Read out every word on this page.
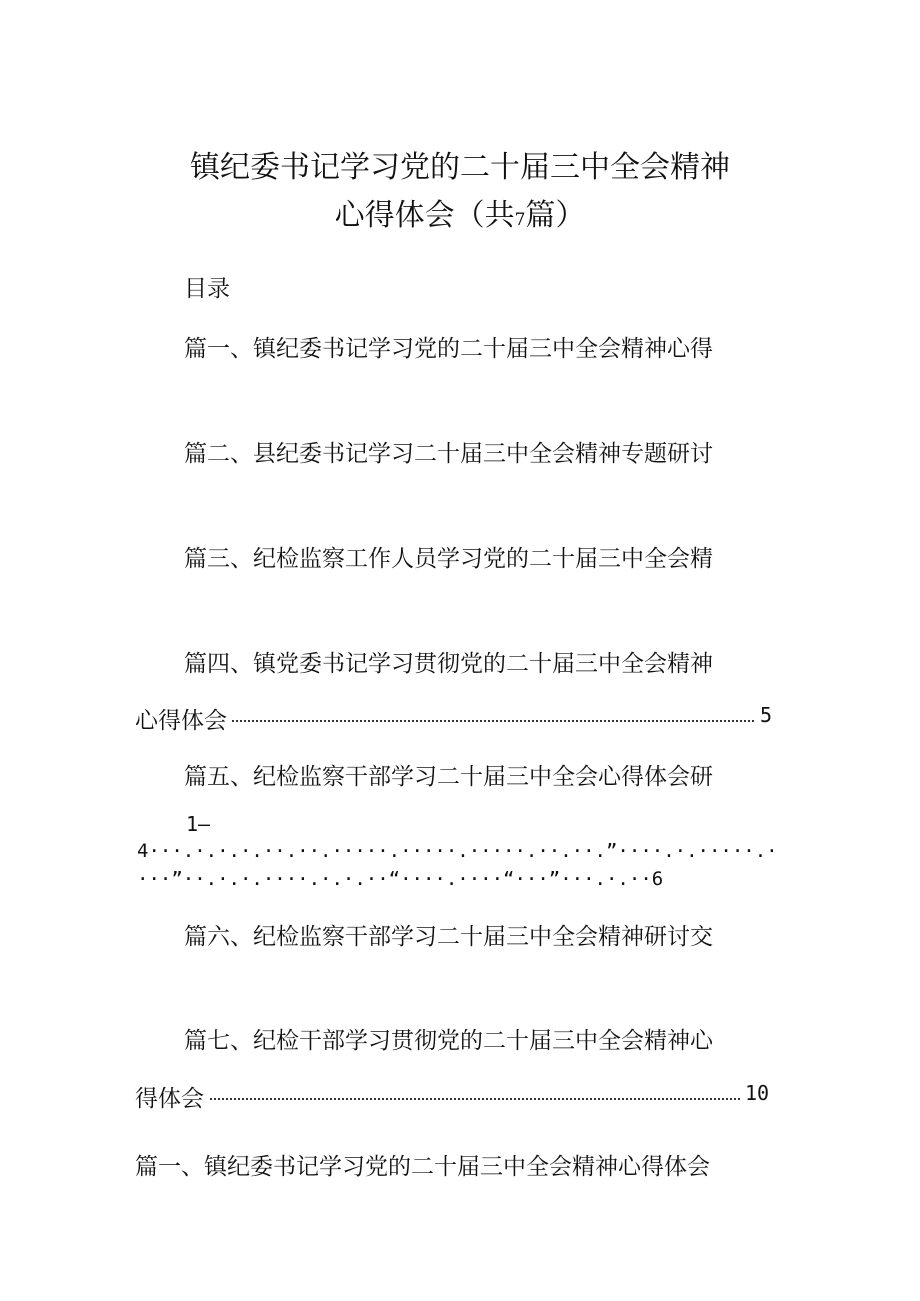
镇纪委书记学习党的二十届三中全会精神
心得体会（共7篇）
目录
篇一、镇纪委书记学习党的二十届三中全会精神心得
篇二、县纪委书记学习二十届三中全会精神专题研讨
篇三、纪检监察工作人员学习党的二十届三中全会精
篇四、镇党委书记学习贯彻党的二十届三中全会精神
心得体会	5
篇五、纪检监察干部学习二十届三中全会心得体会研
1—
4···.·.·.·.··.··.·····.·····.·····.··.··.”····.·.·····.·
···”··.·.·.····.·.·.··“····.····“···”···.·.··6
篇六、纪检监察干部学习二十届三中全会精神研讨交
篇七、纪检干部学习贯彻党的二十届三中全会精神心
得体会	10
篇一、镇纪委书记学习党的二十届三中全会精神心得体会
